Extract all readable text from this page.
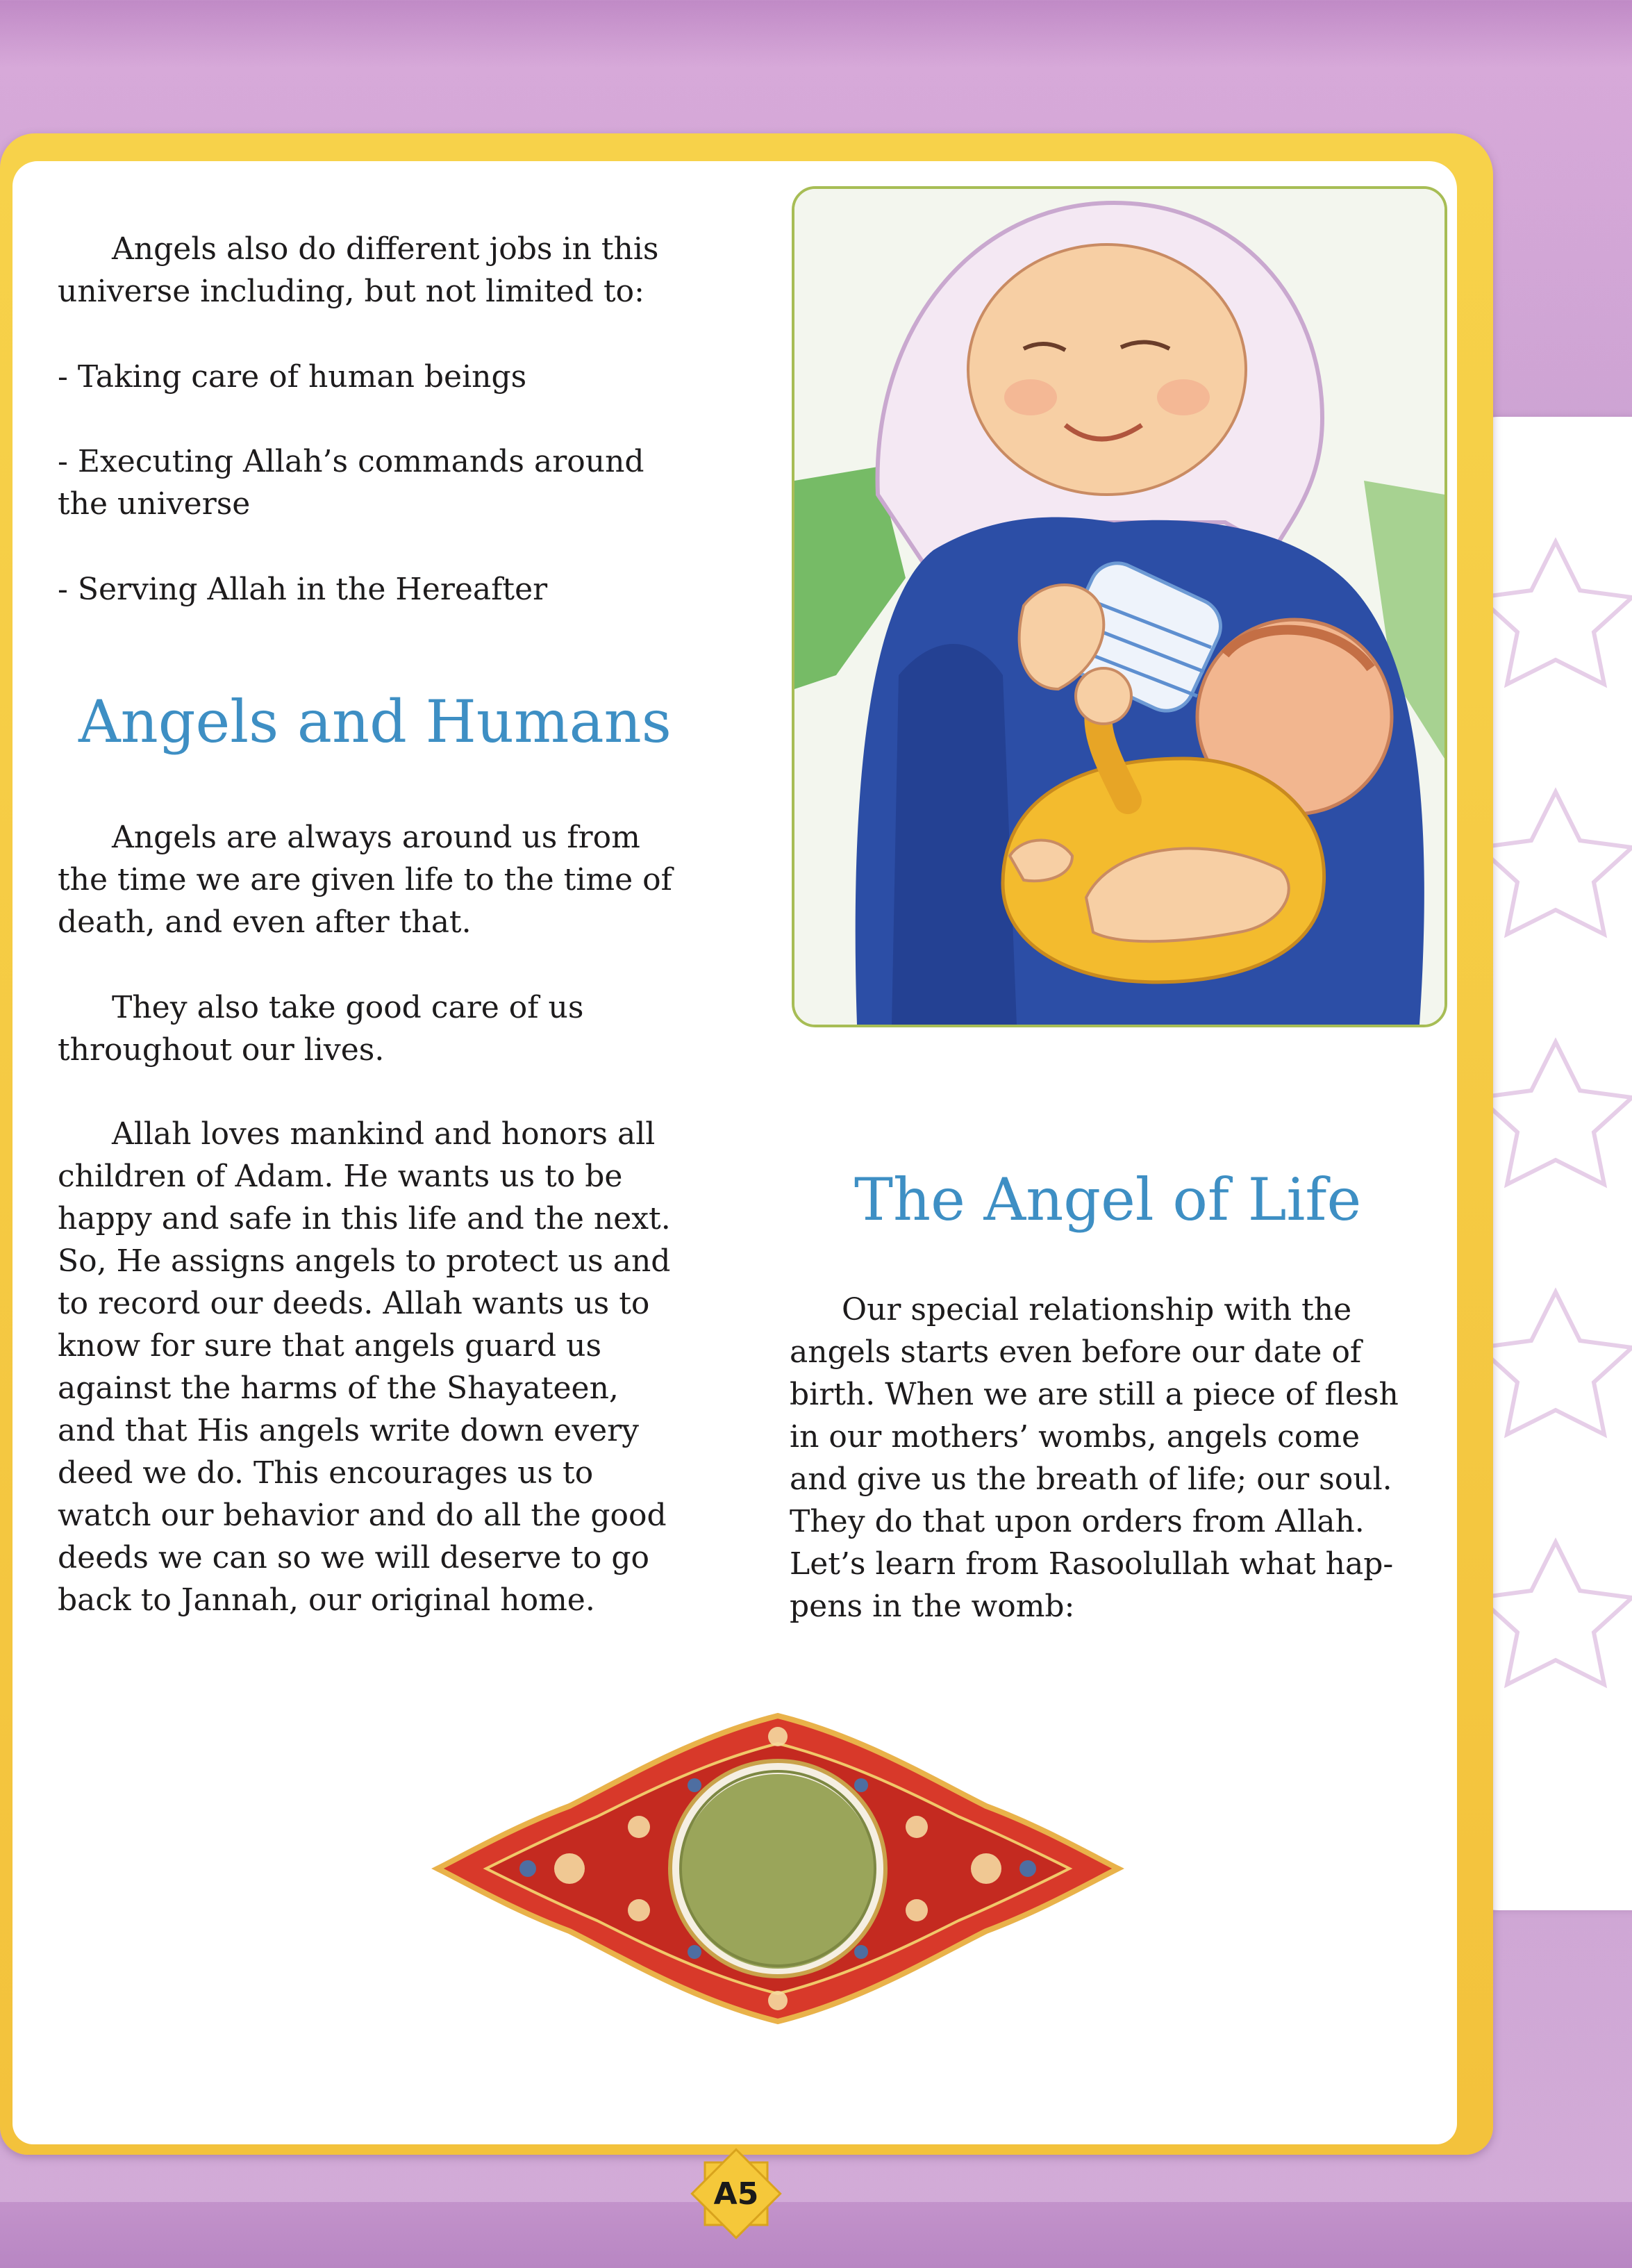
Angels also do different jobs in this
universe including, but not limited to:

- Taking care of human beings

- Executing Allah’s commands around
the universe

- Serving Allah in the Hereafter

Angels and Humans

Angels are always around us from
the time we are given life to the time of
death, and even after that.

They also take good care of us
throughout our lives.

Allah loves mankind and honors all
children of Adam. He wants us to be
happy and safe in this life and the next.
So, He assigns angels to protect us and
to record our deeds. Allah wants us to
know for sure that angels guard us
against the harms of the Shayateen,
and that His angels write down every
deed we do. This encourages us to
watch our behavior and do all the good
deeds we can so we will deserve to go
back to Jannah, our original home.

The Angel of Life

Our special relationship with the
angels starts even before our date of
birth. When we are still a piece of flesh
in our mothers’ wombs, angels come
and give us the breath of life; our soul.
They do that upon orders from Allah.
Let’s learn from Rasoolullah what hap-
pens in the womb:

A5
